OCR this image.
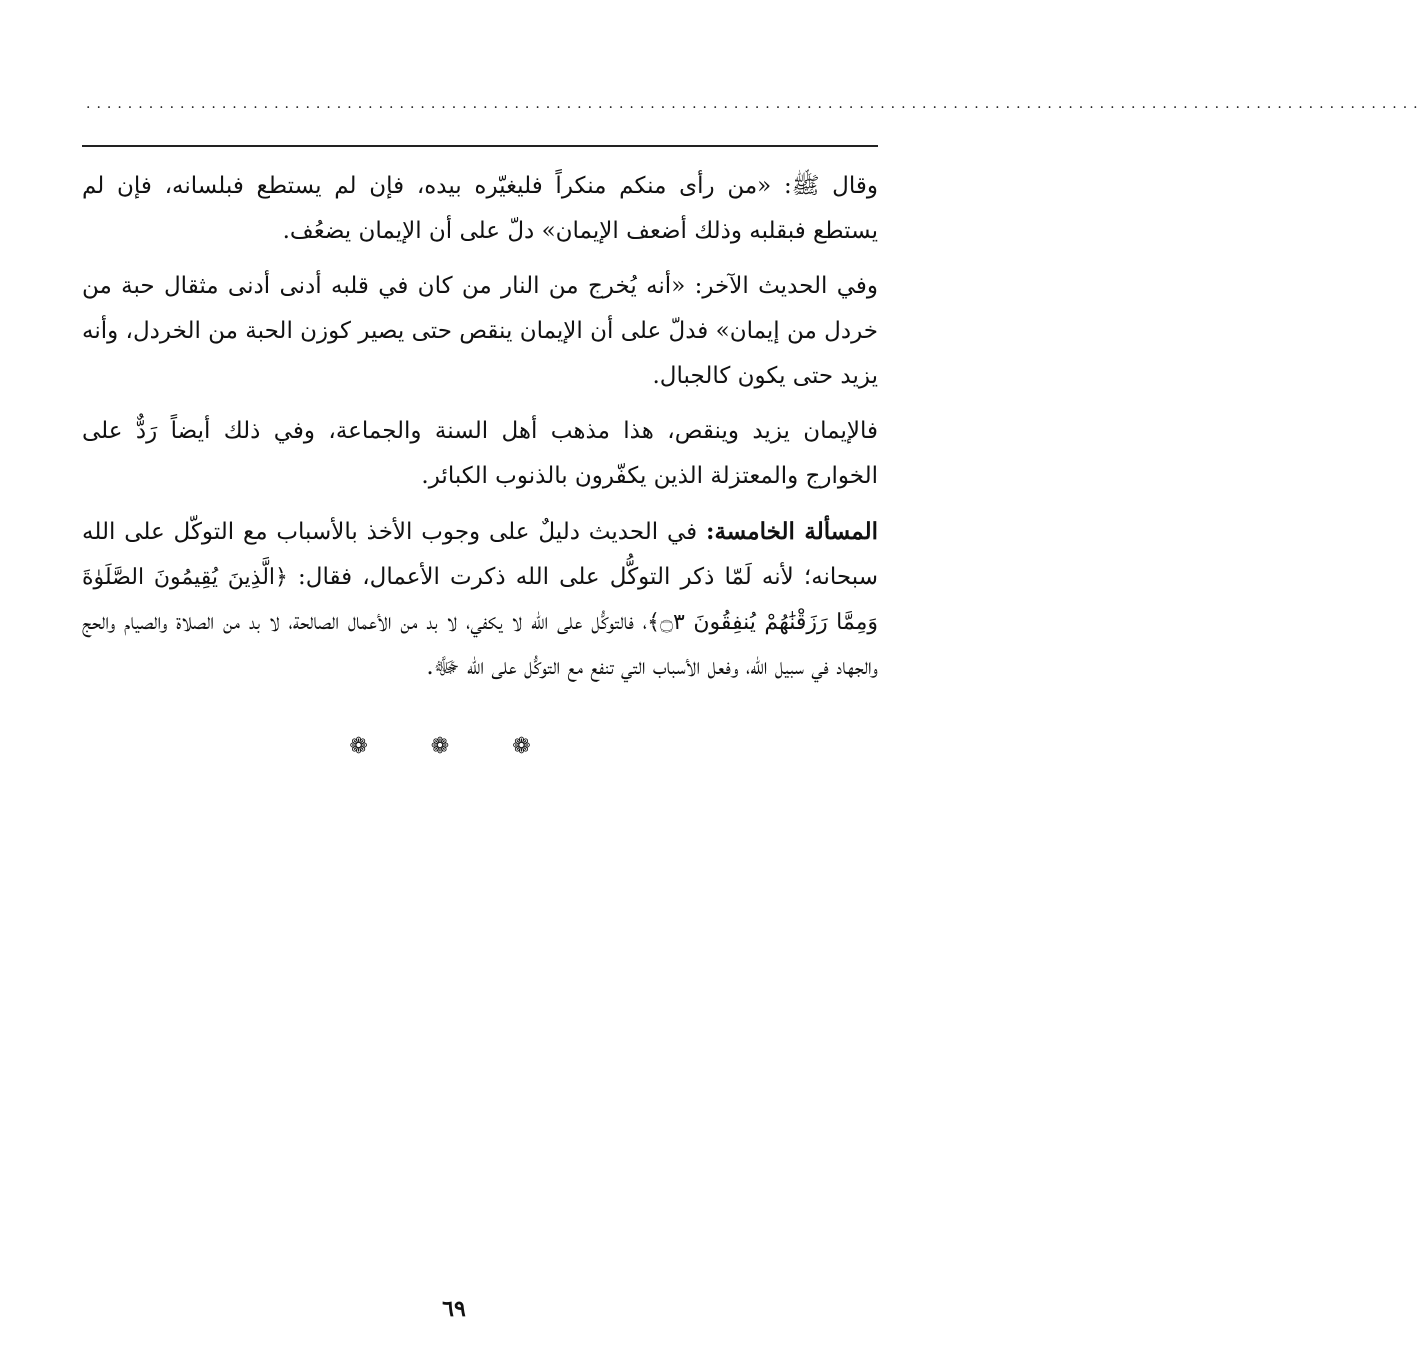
................................................................................................................................

وقال ﷺ: «من رأى منكم منكراً فليغيّره بيده، فإن لم يستطع فبلسانه، فإن لم يستطع فبقلبه وذلك أضعف الإيمان» دلّ على أن الإيمان يضعُف.

وفي الحديث الآخر: «أنه يُخرج من النار من كان في قلبه أدنى أدنى مثقال حبة من خردل من إيمان» فدلّ على أن الإيمان ينقص حتى يصير كوزن الحبة من الخردل، وأنه يزيد حتى يكون كالجبال.

فالإيمان يزيد وينقص، هذا مذهب أهل السنة والجماعة، وفي ذلك أيضاً رَدٌّ على الخوارج والمعتزلة الذين يكفّرون بالذنوب الكبائر.

المسألة الخامسة: في الحديث دليلٌ على وجوب الأخذ بالأسباب مع التوكّل على الله سبحانه؛ لأنه لَمّا ذكر التوكُّل على الله ذكرت الأعمال، فقال: ﴿الَّذِينَ يُقِيمُونَ الصَّلَوٰةَ وَمِمَّا رَزَقْنَٰهُمْ يُنفِقُونَ ۝٣﴾، فالتوكُّل على الله لا يكفي، لا بد من الأعمال الصالحة، لا بد من الصلاة والصيام والحج والجهاد في سبيل الله، وفعل الأسباب التي تنفع مع التوكُّل على الله ﷻ.

❁ ❁ ❁
٦٩
